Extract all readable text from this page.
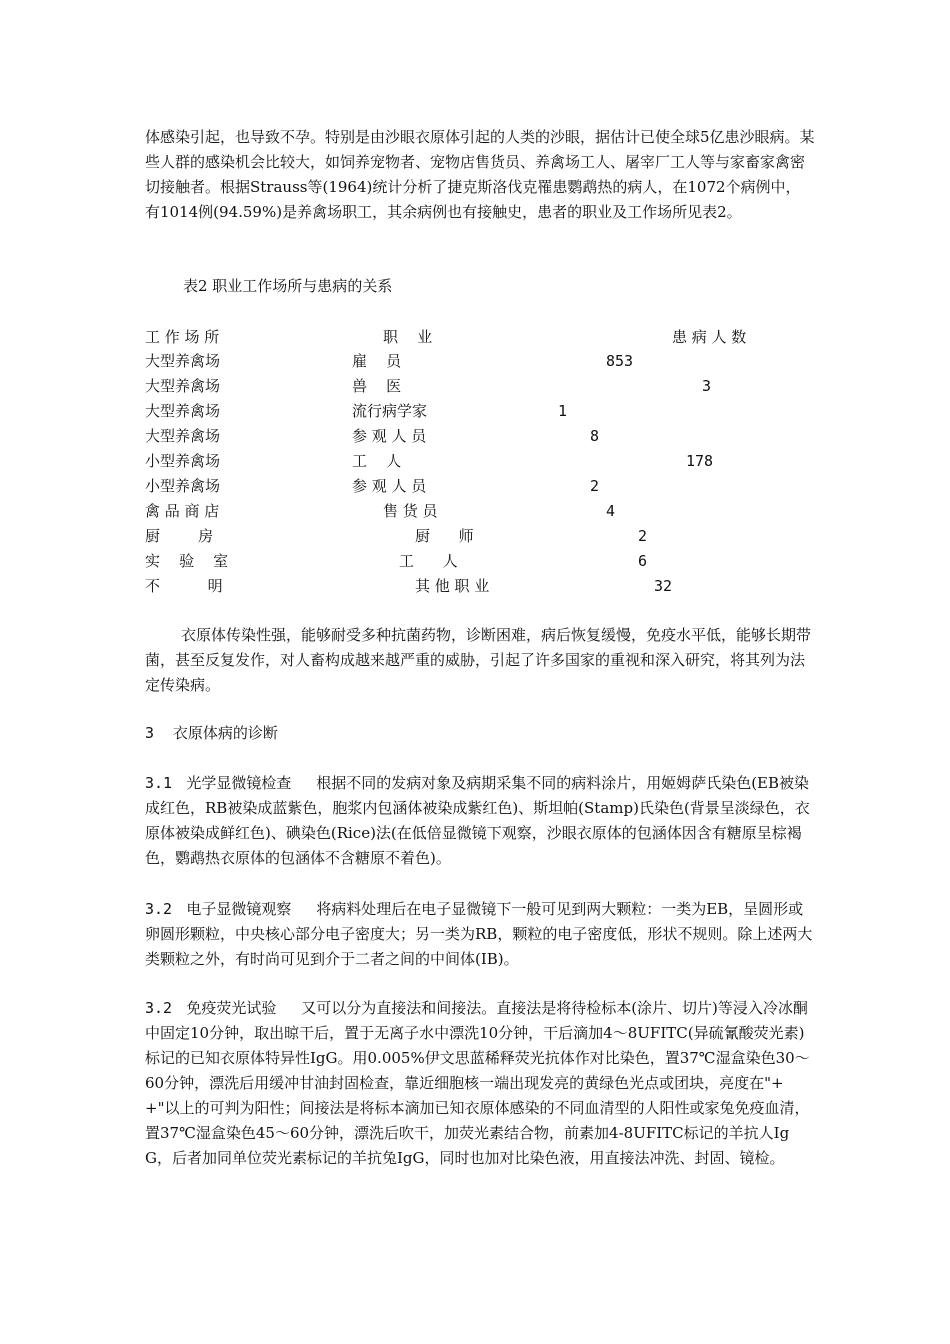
体感染引起，也导致不孕。特别是由沙眼衣原体引起的人类的沙眼，据估计已使全球5亿患沙眼病。某些人群的感染机会比较大，如饲养宠物者、宠物店售货员、养禽场工人、屠宰厂工人等与家畜家禽密切接触者。根据Strauss等(1964)统计分析了捷克斯洛伐克罹患鹦鹉热的病人，在1072个病例中，有1014例(94.59%)是养禽场职工，其余病例也有接触史，患者的职业及工作场所见表2。

表2 职业工作场所与患病的关系

工 作 场 所	职    业	患 病 人 数
大型养禽场	雇    员	853
大型养禽场	兽    医	3
大型养禽场	流行病学家	1
大型养禽场	参 观 人 员	8
小型养禽场	工    人	178
小型养禽场	参 观 人 员	2
禽 品 商 店	售 货 员	4
厨        房	厨      师	2
实    验    室	工      人	6
不          明	其 他 职 业	32

衣原体传染性强，能够耐受多种抗菌药物，诊断困难，病后恢复缓慢，免疫水平低，能够长期带菌，甚至反复发作，对人畜构成越来越严重的威胁，引起了许多国家的重视和深入研究，将其列为法定传染病。

3 衣原体病的诊断

3.1 光学显微镜检查 根据不同的发病对象及病期采集不同的病料涂片，用姬姆萨氏染色(EB被染成红色，RB被染成蓝紫色，胞浆内包涵体被染成紫红色)、斯坦帕(Stamp)氏染色(背景呈淡绿色，衣原体被染成鲜红色)、碘染色(Rice)法(在低倍显微镜下观察，沙眼衣原体的包涵体因含有糖原呈棕褐色，鹦鹉热衣原体的包涵体不含糖原不着色)。

3.2 电子显微镜观察 将病料处理后在电子显微镜下一般可见到两大颗粒：一类为EB，呈圆形或卵圆形颗粒，中央核心部分电子密度大；另一类为RB，颗粒的电子密度低，形状不规则。除上述两大类颗粒之外，有时尚可见到介于二者之间的中间体(IB)。

3.2 免疫荧光试验 又可以分为直接法和间接法。直接法是将待检标本(涂片、切片)等浸入冷冰酮中固定10分钟，取出晾干后，置于无离子水中漂洗10分钟，干后滴加4～8UFITC(异硫氰酸荧光素)标记的已知衣原体特异性IgG。用0.005%伊文思蓝稀释荧光抗体作对比染色，置37℃湿盒染色30～60分钟，漂洗后用缓冲甘油封固检查，靠近细胞核一端出现发亮的黄绿色光点或团块，亮度在"++"以上的可判为阳性；间接法是将标本滴加已知衣原体感染的不同血清型的人阳性或家兔免疫血清，置37℃湿盒染色45～60分钟，漂洗后吹干，加荧光素结合物，前素加4-8UFITC标记的羊抗人IgG，后者加同单位荧光素标记的羊抗兔IgG，同时也加对比染色液，用直接法冲洗、封固、镜检。
